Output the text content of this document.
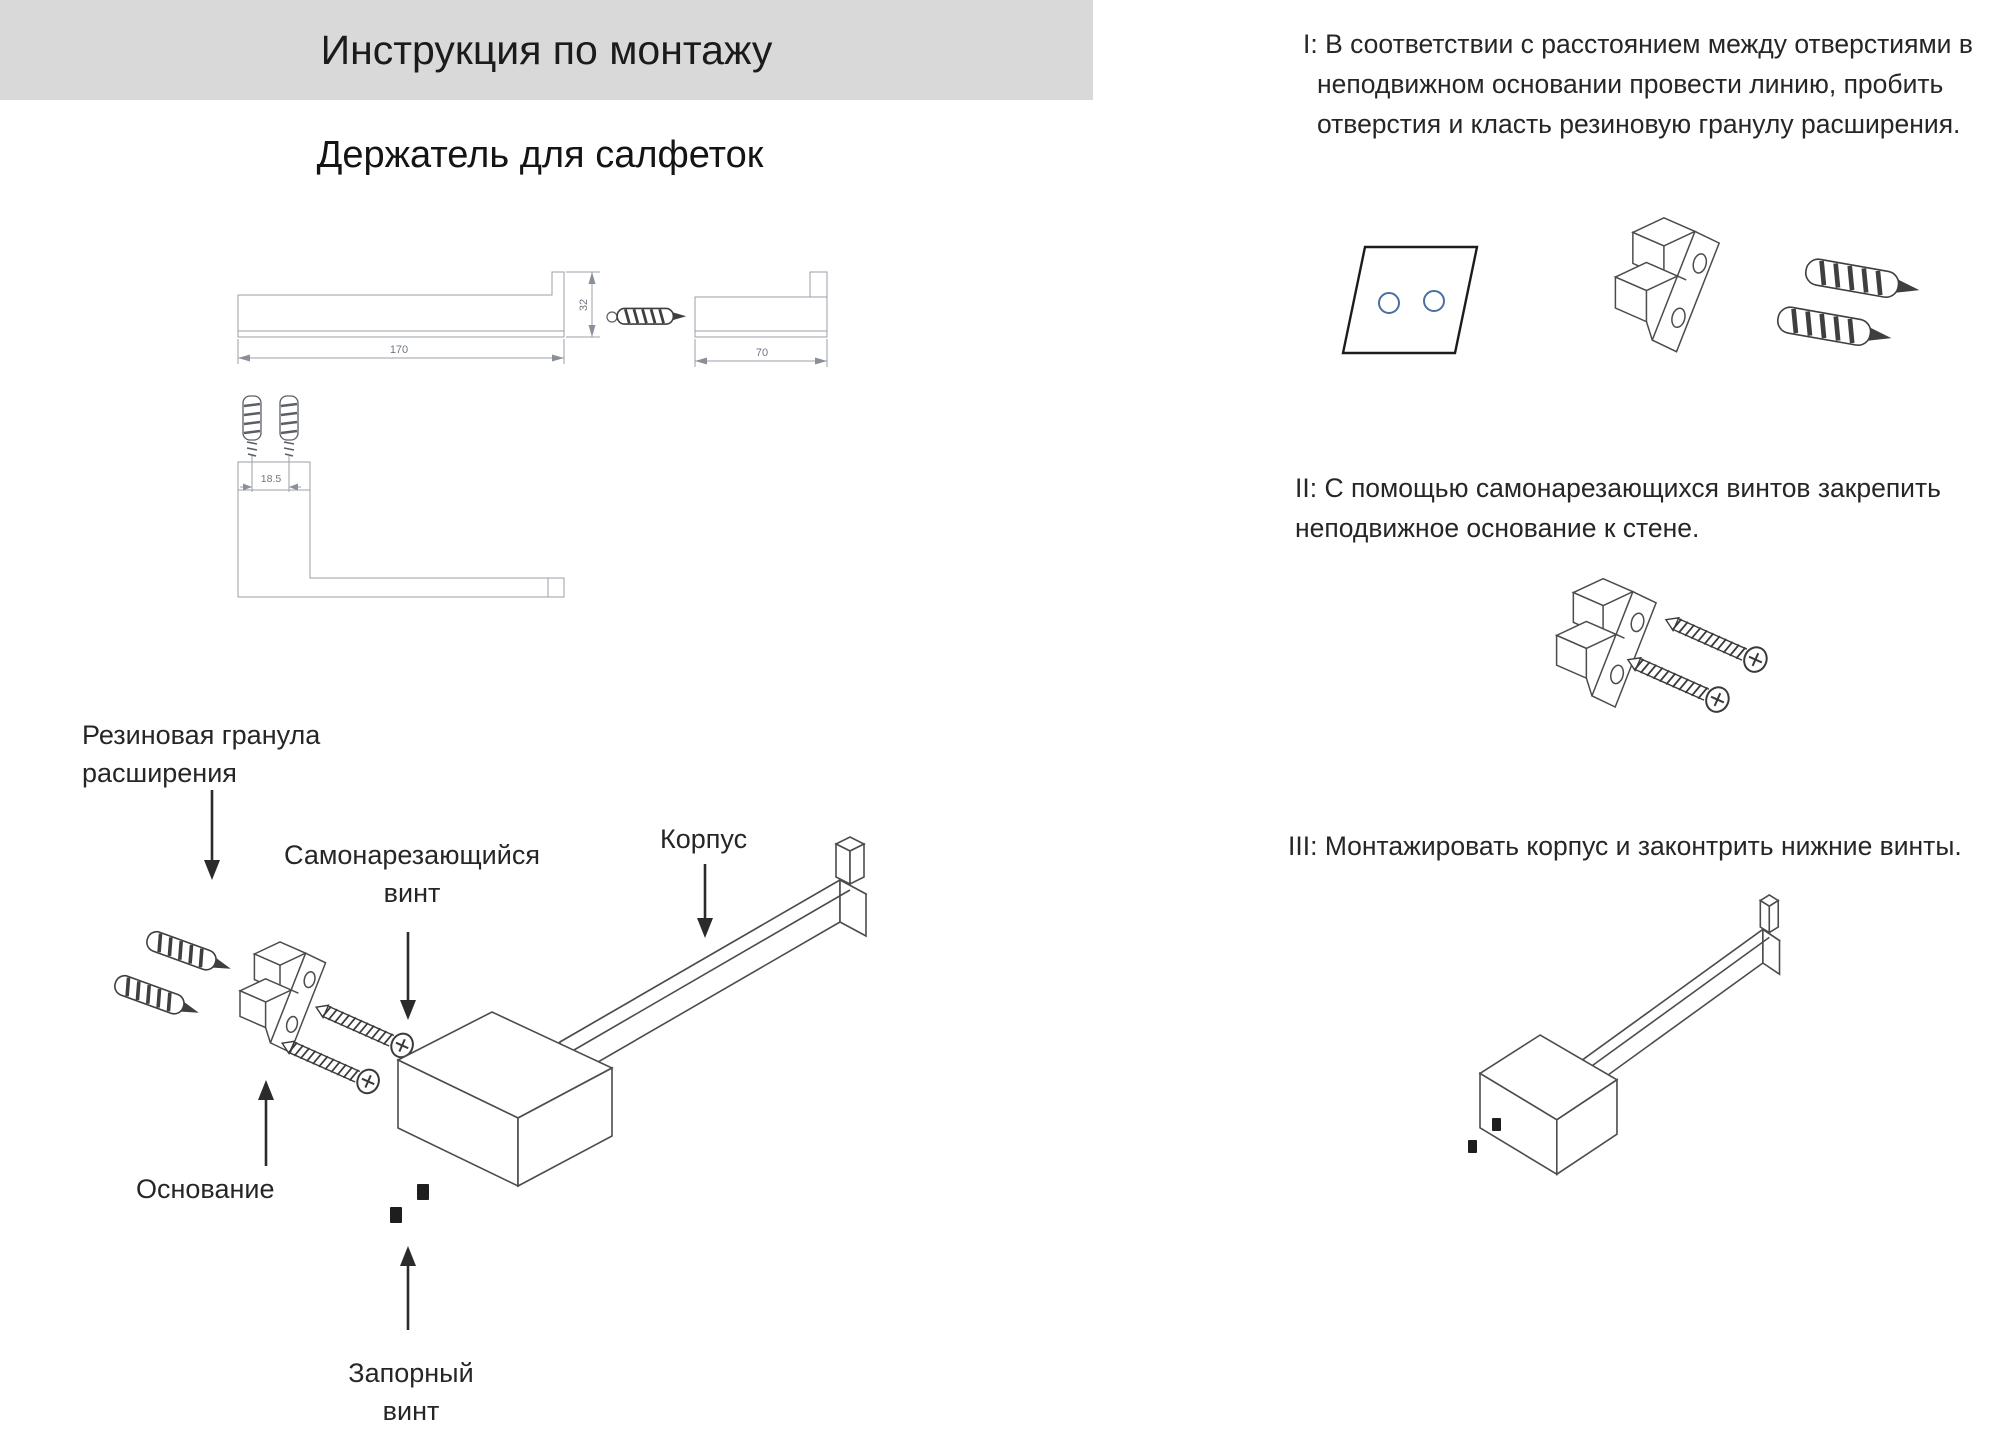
Инструкция по монтажу
Держатель для салфеток
170
32
70
18.5
Резиновая гранула
расширения
Самонарезающийся
винт
Корпус
Основание
Запорный
винт
I: В соответствии с расстоянием между отверстиями в
неподвижном основании провести линию, пробить
отверстия и класть резиновую гранулу расширения.
II: С помощью самонарезающихся винтов закрепить
неподвижное основание к стене.
III: Монтажировать корпус и законтрить нижние винты.
